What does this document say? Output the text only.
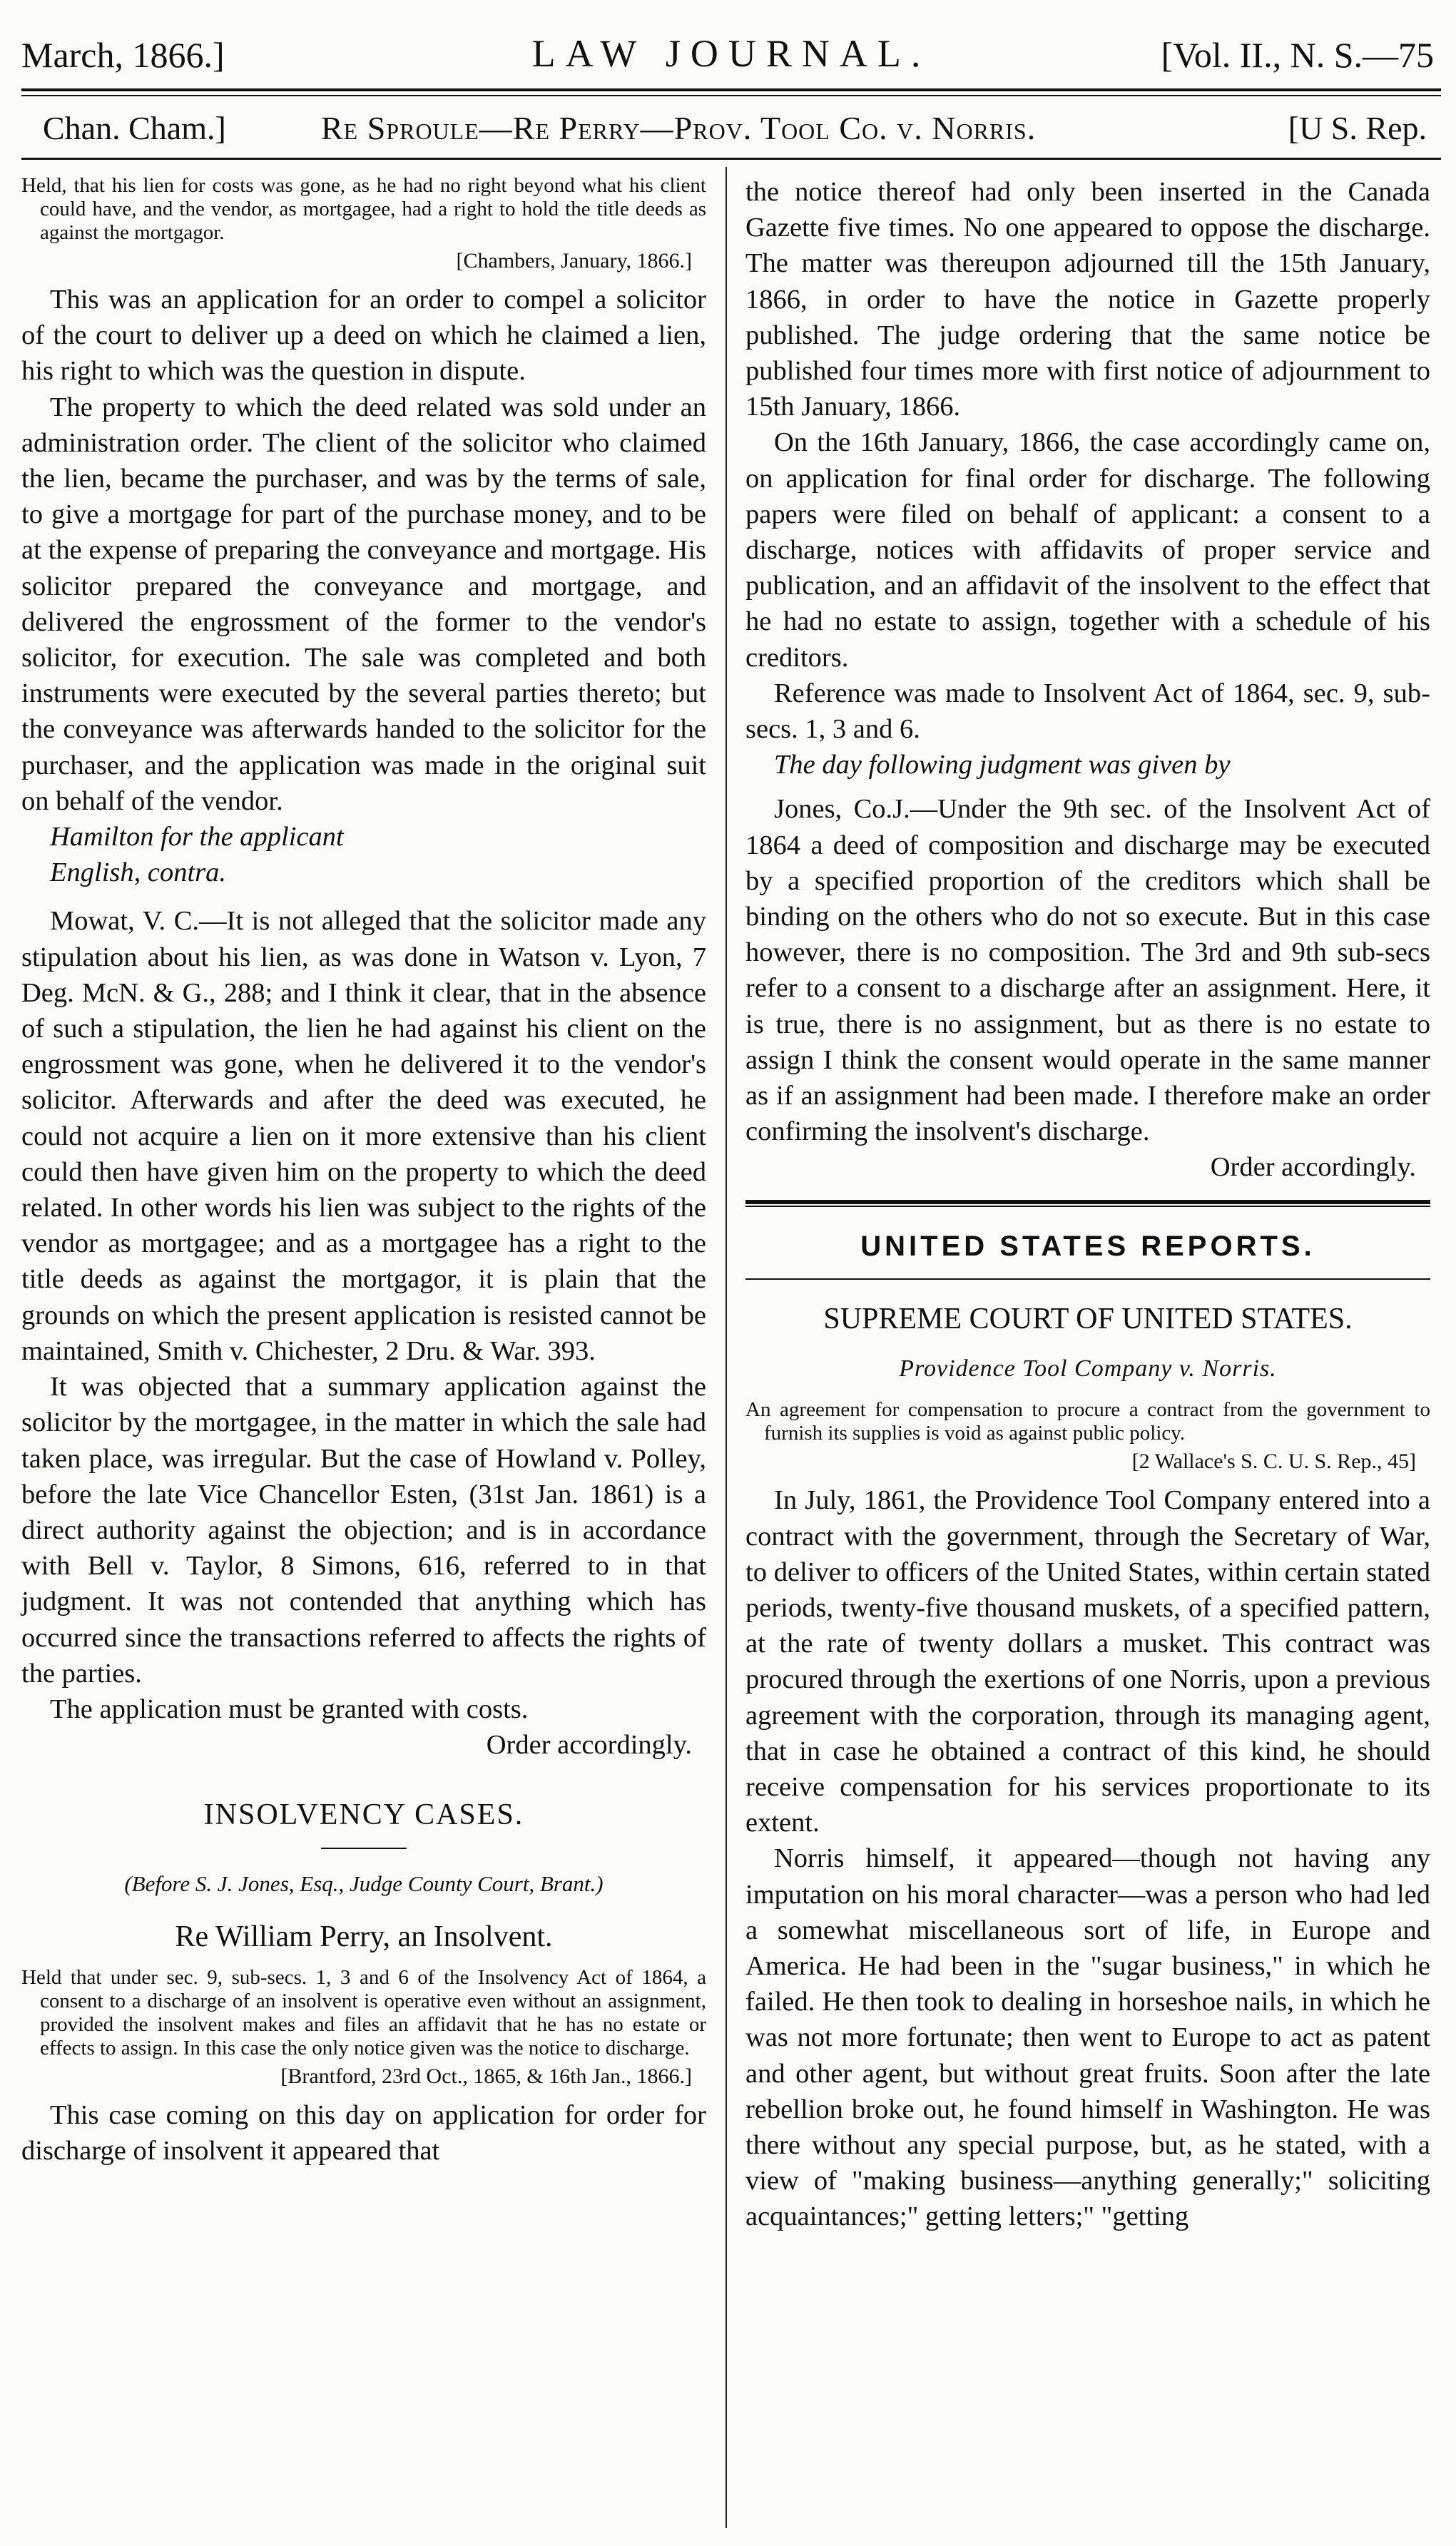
March, 1866.]	LAW JOURNAL.	[Vol. II., N. S.—75
Chan. Cham.]	Re Sproule—Re Perry—Prov. Tool Co. v. Norris.	[U S. Rep.

Held, that his lien for costs was gone, as he had no right beyond what his client could have, and the vendor, as mortgagee, had a right to hold the title deeds as against the mortgagor.

[Chambers, January, 1866.]

This was an application for an order to compel a solicitor of the court to deliver up a deed on which he claimed a lien, his right to which was the question in dispute.

The property to which the deed related was sold under an administration order. The client of the solicitor who claimed the lien, became the purchaser, and was by the terms of sale, to give a mortgage for part of the purchase money, and to be at the expense of preparing the conveyance and mortgage. His solicitor prepared the conveyance and mortgage, and delivered the engrossment of the former to the vendor's solicitor, for execution. The sale was completed and both instruments were executed by the several parties thereto; but the conveyance was afterwards handed to the solicitor for the purchaser, and the application was made in the original suit on behalf of the vendor.

Hamilton for the applicant

English, contra.

Mowat, V. C.—It is not alleged that the solicitor made any stipulation about his lien, as was done in Watson v. Lyon, 7 Deg. McN. & G., 288; and I think it clear, that in the absence of such a stipulation, the lien he had against his client on the engrossment was gone, when he delivered it to the vendor's solicitor. Afterwards and after the deed was executed, he could not acquire a lien on it more extensive than his client could then have given him on the property to which the deed related. In other words his lien was subject to the rights of the vendor as mortgagee; and as a mortgagee has a right to the title deeds as against the mortgagor, it is plain that the grounds on which the present application is resisted cannot be maintained, Smith v. Chichester, 2 Dru. & War. 393.

It was objected that a summary application against the solicitor by the mortgagee, in the matter in which the sale had taken place, was irregular. But the case of Howland v. Polley, before the late Vice Chancellor Esten, (31st Jan. 1861) is a direct authority against the objection; and is in accordance with Bell v. Taylor, 8 Simons, 616, referred to in that judgment. It was not contended that anything which has occurred since the transactions referred to affects the rights of the parties.

The application must be granted with costs.

Order accordingly.

INSOLVENCY CASES.
(Before S. J. Jones, Esq., Judge County Court, Brant.)
Re William Perry, an Insolvent.

Held that under sec. 9, sub-secs. 1, 3 and 6 of the Insolvency Act of 1864, a consent to a discharge of an insolvent is operative even without an assignment, provided the insolvent makes and files an affidavit that he has no estate or effects to assign. In this case the only notice given was the notice to discharge.

[Brantford, 23rd Oct., 1865, & 16th Jan., 1866.]

This case coming on this day on application for order for discharge of insolvent it appeared that

the notice thereof had only been inserted in the Canada Gazette five times. No one appeared to oppose the discharge. The matter was thereupon adjourned till the 15th January, 1866, in order to have the notice in Gazette properly published. The judge ordering that the same notice be published four times more with first notice of adjournment to 15th January, 1866.

On the 16th January, 1866, the case accordingly came on, on application for final order for discharge. The following papers were filed on behalf of applicant: a consent to a discharge, notices with affidavits of proper service and publication, and an affidavit of the insolvent to the effect that he had no estate to assign, together with a schedule of his creditors.

Reference was made to Insolvent Act of 1864, sec. 9, sub-secs. 1, 3 and 6.

The day following judgment was given by

Jones, Co.J.—Under the 9th sec. of the Insolvent Act of 1864 a deed of composition and discharge may be executed by a specified proportion of the creditors which shall be binding on the others who do not so execute. But in this case however, there is no composition. The 3rd and 9th sub-secs refer to a consent to a discharge after an assignment. Here, it is true, there is no assignment, but as there is no estate to assign I think the consent would operate in the same manner as if an assignment had been made. I therefore make an order confirming the insolvent's discharge.

Order accordingly.

UNITED STATES REPORTS.
SUPREME COURT OF UNITED STATES.
Providence Tool Company v. Norris.

An agreement for compensation to procure a contract from the government to furnish its supplies is void as against public policy.

[2 Wallace's S. C. U. S. Rep., 45]

In July, 1861, the Providence Tool Company entered into a contract with the government, through the Secretary of War, to deliver to officers of the United States, within certain stated periods, twenty-five thousand muskets, of a specified pattern, at the rate of twenty dollars a musket. This contract was procured through the exertions of one Norris, upon a previous agreement with the corporation, through its managing agent, that in case he obtained a contract of this kind, he should receive compensation for his services proportionate to its extent.

Norris himself, it appeared—though not having any imputation on his moral character—was a person who had led a somewhat miscellaneous sort of life, in Europe and America. He had been in the "sugar business," in which he failed. He then took to dealing in horseshoe nails, in which he was not more fortunate; then went to Europe to act as patent and other agent, but without great fruits. Soon after the late rebellion broke out, he found himself in Washington. He was there without any special purpose, but, as he stated, with a view of "making business—anything generally;" soliciting acquaintances;" getting letters;" "getting
